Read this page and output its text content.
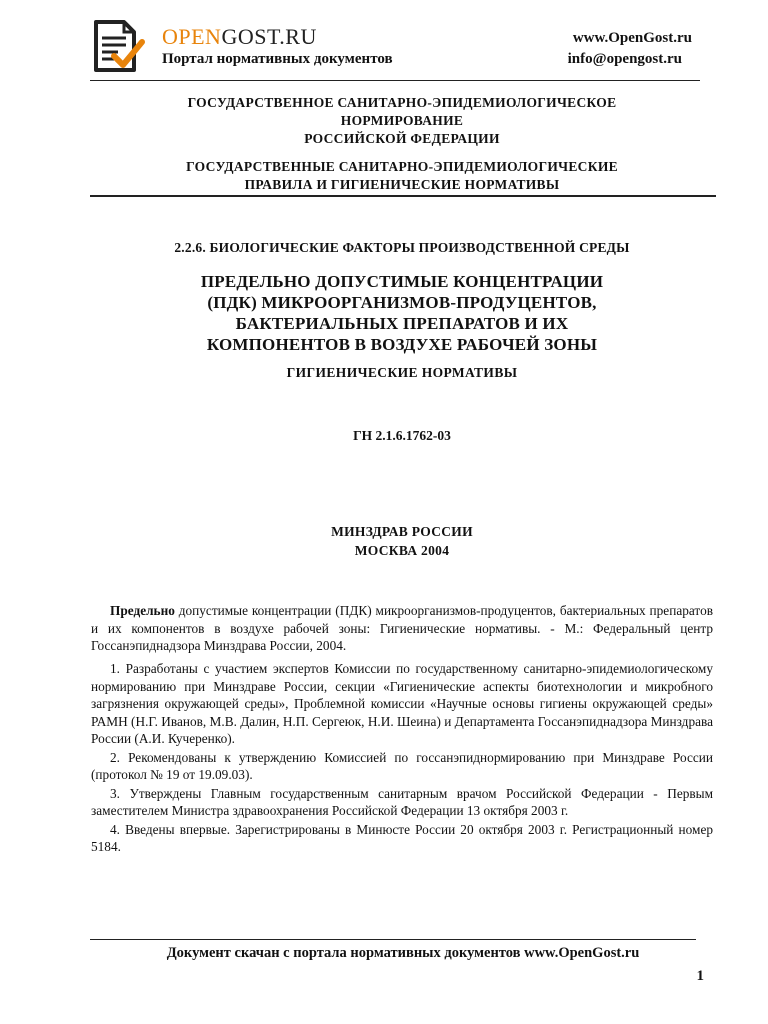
OPENGOST.RU
Портал нормативных документов
www.OpenGost.ru
info@opengost.ru
ГОСУДАРСТВЕННОЕ САНИТАРНО-ЭПИДЕМИОЛОГИЧЕСКОЕ
НОРМИРОВАНИЕ
РОССИЙСКОЙ ФЕДЕРАЦИИ
ГОСУДАРСТВЕННЫЕ САНИТАРНО-ЭПИДЕМИОЛОГИЧЕСКИЕ
ПРАВИЛА И ГИГИЕНИЧЕСКИЕ НОРМАТИВЫ
2.2.6. БИОЛОГИЧЕСКИЕ ФАКТОРЫ ПРОИЗВОДСТВЕННОЙ СРЕДЫ
ПРЕДЕЛЬНО ДОПУСТИМЫЕ КОНЦЕНТРАЦИИ
(ПДК) МИКРООРГАНИЗМОВ-ПРОДУЦЕНТОВ,
БАКТЕРИАЛЬНЫХ ПРЕПАРАТОВ И ИХ
КОМПОНЕНТОВ В ВОЗДУХЕ РАБОЧЕЙ ЗОНЫ
ГИГИЕНИЧЕСКИЕ НОРМАТИВЫ
ГН 2.1.6.1762-03
МИНЗДРАВ РОССИИ
МОСКВА 2004
Предельно допустимые концентрации (ПДК) микроорганизмов-продуцентов, бактериальных препаратов и их компонентов в воздухе рабочей зоны: Гигиенические нормативы. - М.: Федеральный центр Госсанэпиднадзора Минздрава России, 2004.

1. Разработаны с участием экспертов Комиссии по государственному санитарно-эпидемиологическому нормированию при Минздраве России, секции «Гигиенические аспекты биотехнологии и микробного загрязнения окружающей среды», Проблемной комиссии «Научные основы гигиены окружающей среды» РАМН (Н.Г. Иванов, М.В. Далин, Н.П. Сергеюк, Н.И. Шеина) и Департамента Госсанэпиднадзора Минздрава России (А.И. Кучеренко).

2. Рекомендованы к утверждению Комиссией по госсанэпиднормированию при Минздраве России (протокол № 19 от 19.09.03).

3. Утверждены Главным государственным санитарным врачом Российской Федерации - Первым заместителем Министра здравоохранения Российской Федерации 13 октября 2003 г.

4. Введены впервые. Зарегистрированы в Минюсте России 20 октября 2003 г. Регистрационный номер 5184.

Документ скачан с портала нормативных документов www.OpenGost.ru
1
